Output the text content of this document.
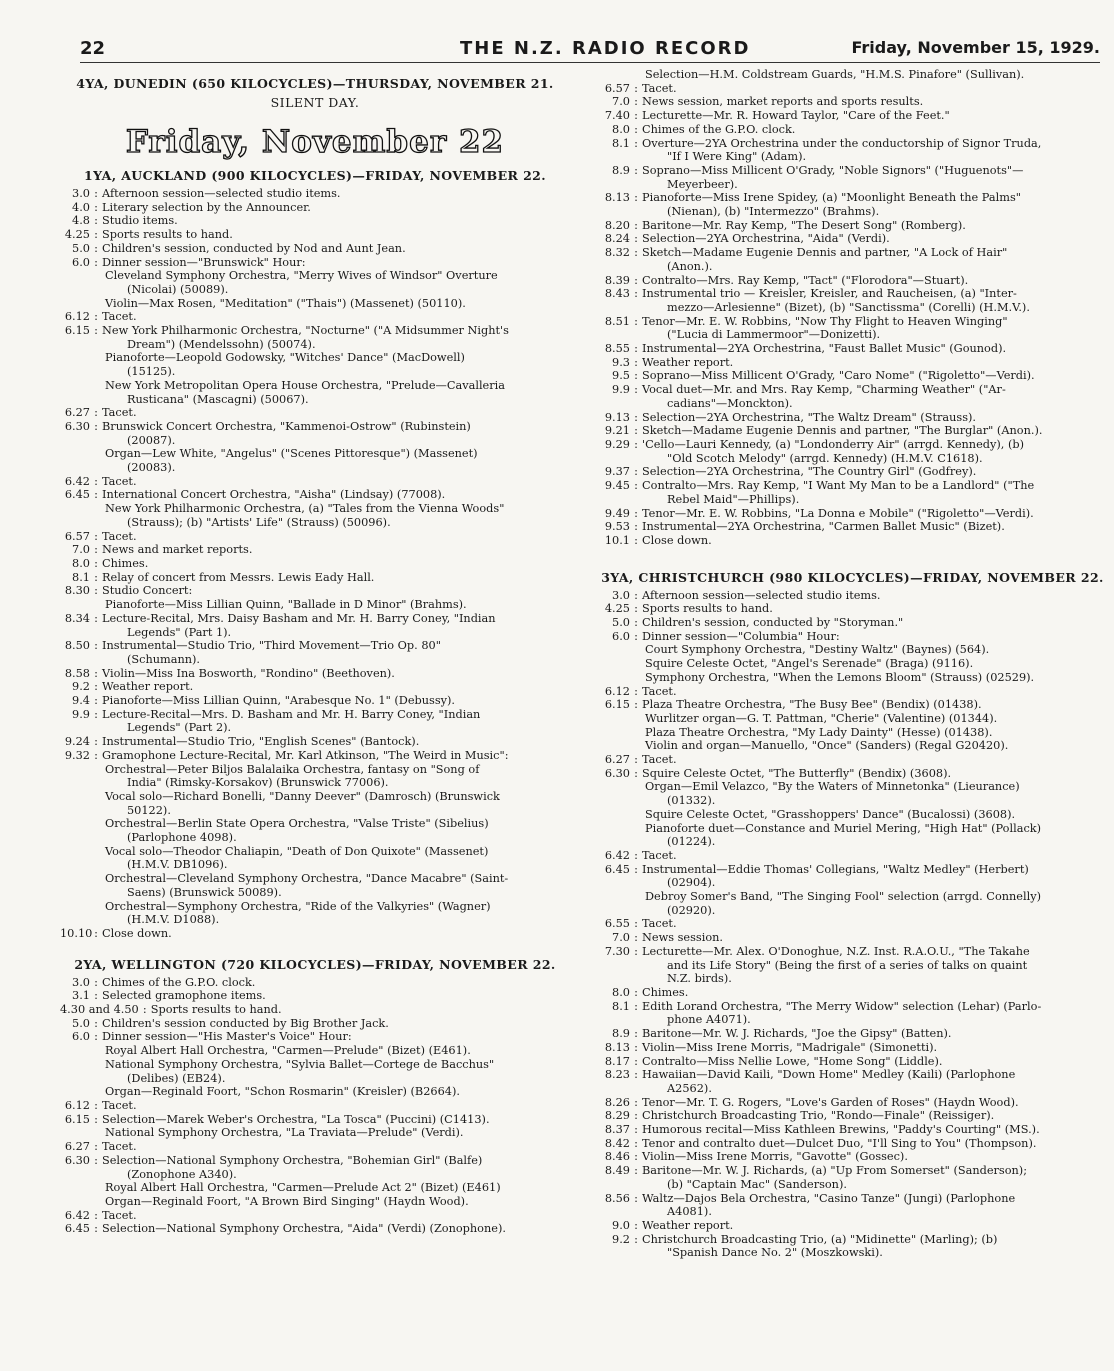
22	THE N.Z. RADIO RECORD	Friday, November 15, 1929.
4YA, DUNEDIN (650 KILOCYCLES)—THURSDAY, NOVEMBER 21.
SILENT DAY.
Friday, November 22
1YA, AUCKLAND (900 KILOCYCLES)—FRIDAY, NOVEMBER 22.
3.0 : Afternoon session—selected studio items.
4.0 : Literary selection by the Announcer.
4.8 : Studio items.
4.25 : Sports results to hand.
5.0 : Children's session, conducted by Nod and Aunt Jean.
6.0 : Dinner session—"Brunswick" Hour:
Cleveland Symphony Orchestra, "Merry Wives of Windsor" Overture
(Nicolai) (50089).
Violin—Max Rosen, "Meditation" ("Thais") (Massenet) (50110).
6.12 : Tacet.
6.15 : New York Philharmonic Orchestra, "Nocturne" ("A Midsummer Night's
Dream") (Mendelssohn) (50074).
Pianoforte—Leopold Godowsky, "Witches' Dance" (MacDowell)
(15125).
New York Metropolitan Opera House Orchestra, "Prelude—Cavalleria
Rusticana" (Mascagni) (50067).
6.27 : Tacet.
6.30 : Brunswick Concert Orchestra, "Kammenoi-Ostrow" (Rubinstein)
(20087).
Organ—Lew White, "Angelus" ("Scenes Pittoresque") (Massenet)
(20083).
6.42 : Tacet.
6.45 : International Concert Orchestra, "Aisha" (Lindsay) (77008).
New York Philharmonic Orchestra, (a) "Tales from the Vienna Woods"
(Strauss); (b) "Artists' Life" (Strauss) (50096).
6.57 : Tacet.
7.0 : News and market reports.
8.0 : Chimes.
8.1 : Relay of concert from Messrs. Lewis Eady Hall.
8.30 : Studio Concert:
Pianoforte—Miss Lillian Quinn, "Ballade in D Minor" (Brahms).
8.34 : Lecture-Recital, Mrs. Daisy Basham and Mr. H. Barry Coney, "Indian
Legends" (Part 1).
8.50 : Instrumental—Studio Trio, "Third Movement—Trio Op. 80"
(Schumann).
8.58 : Violin—Miss Ina Bosworth, "Rondino" (Beethoven).
9.2 : Weather report.
9.4 : Pianoforte—Miss Lillian Quinn, "Arabesque No. 1" (Debussy).
9.9 : Lecture-Recital—Mrs. D. Basham and Mr. H. Barry Coney, "Indian
Legends" (Part 2).
9.24 : Instrumental—Studio Trio, "English Scenes" (Bantock).
9.32 : Gramophone Lecture-Recital, Mr. Karl Atkinson, "The Weird in Music":
Orchestral—Peter Biljos Balalaika Orchestra, fantasy on "Song of
India" (Rimsky-Korsakov) (Brunswick 77006).
Vocal solo—Richard Bonelli, "Danny Deever" (Damrosch) (Brunswick
50122).
Orchestral—Berlin State Opera Orchestra, "Valse Triste" (Sibelius)
(Parlophone 4098).
Vocal solo—Theodor Chaliapin, "Death of Don Quixote" (Massenet)
(H.M.V. DB1096).
Orchestral—Cleveland Symphony Orchestra, "Dance Macabre" (Saint-
Saens) (Brunswick 50089).
Orchestral—Symphony Orchestra, "Ride of the Valkyries" (Wagner)
(H.M.V. D1088).
10.10 : Close down.
2YA, WELLINGTON (720 KILOCYCLES)—FRIDAY, NOVEMBER 22.
3.0 : Chimes of the G.P.O. clock.
3.1 : Selected gramophone items.
4.30 and 4.50 : Sports results to hand.
5.0 : Children's session conducted by Big Brother Jack.
6.0 : Dinner session—"His Master's Voice" Hour:
Royal Albert Hall Orchestra, "Carmen—Prelude" (Bizet) (E461).
National Symphony Orchestra, "Sylvia Ballet—Cortege de Bacchus"
(Delibes) (EB24).
Organ—Reginald Foort, "Schon Rosmarin" (Kreisler) (B2664).
6.12 : Tacet.
6.15 : Selection—Marek Weber's Orchestra, "La Tosca" (Puccini) (C1413).
National Symphony Orchestra, "La Traviata—Prelude" (Verdi).
6.27 : Tacet.
6.30 : Selection—National Symphony Orchestra, "Bohemian Girl" (Balfe)
(Zonophone A340).
Royal Albert Hall Orchestra, "Carmen—Prelude Act 2" (Bizet) (E461)
Organ—Reginald Foort, "A Brown Bird Singing" (Haydn Wood).
6.42 : Tacet.
6.45 : Selection—National Symphony Orchestra, "Aida" (Verdi) (Zonophone).
Selection—H.M. Coldstream Guards, "H.M.S. Pinafore" (Sullivan).
6.57 : Tacet.
7.0 : News session, market reports and sports results.
7.40 : Lecturette—Mr. R. Howard Taylor, "Care of the Feet."
8.0 : Chimes of the G.P.O. clock.
8.1 : Overture—2YA Orchestrina under the conductorship of Signor Truda,
"If I Were King" (Adam).
8.9 : Soprano—Miss Millicent O'Grady, "Noble Signors" ("Huguenots"—
Meyerbeer).
8.13 : Pianoforte—Miss Irene Spidey, (a) "Moonlight Beneath the Palms"
(Nienan), (b) "Intermezzo" (Brahms).
8.20 : Baritone—Mr. Ray Kemp, "The Desert Song" (Romberg).
8.24 : Selection—2YA Orchestrina, "Aida" (Verdi).
8.32 : Sketch—Madame Eugenie Dennis and partner, "A Lock of Hair"
(Anon.).
8.39 : Contralto—Mrs. Ray Kemp, "Tact" ("Florodora"—Stuart).
8.43 : Instrumental trio — Kreisler, Kreisler, and Raucheisen, (a) "Inter-
mezzo—Arlesienne" (Bizet), (b) "Sanctissma" (Corelli) (H.M.V.).
8.51 : Tenor—Mr. E. W. Robbins, "Now Thy Flight to Heaven Winging"
("Lucia di Lammermoor"—Donizetti).
8.55 : Instrumental—2YA Orchestrina, "Faust Ballet Music" (Gounod).
9.3 : Weather report.
9.5 : Soprano—Miss Millicent O'Grady, "Caro Nome" ("Rigoletto"—Verdi).
9.9 : Vocal duet—Mr. and Mrs. Ray Kemp, "Charming Weather" ("Ar-
cadians"—Monckton).
9.13 : Selection—2YA Orchestrina, "The Waltz Dream" (Strauss).
9.21 : Sketch—Madame Eugenie Dennis and partner, "The Burglar" (Anon.).
9.29 : 'Cello—Lauri Kennedy, (a) "Londonderry Air" (arrgd. Kennedy), (b)
"Old Scotch Melody" (arrgd. Kennedy) (H.M.V. C1618).
9.37 : Selection—2YA Orchestrina, "The Country Girl" (Godfrey).
9.45 : Contralto—Mrs. Ray Kemp, "I Want My Man to be a Landlord" ("The
Rebel Maid"—Phillips).
9.49 : Tenor—Mr. E. W. Robbins, "La Donna e Mobile" ("Rigoletto"—Verdi).
9.53 : Instrumental—2YA Orchestrina, "Carmen Ballet Music" (Bizet).
10.1 : Close down.
3YA, CHRISTCHURCH (980 KILOCYCLES)—FRIDAY, NOVEMBER 22.
3.0 : Afternoon session—selected studio items.
4.25 : Sports results to hand.
5.0 : Children's session, conducted by "Storyman."
6.0 : Dinner session—"Columbia" Hour:
Court Symphony Orchestra, "Destiny Waltz" (Baynes) (564).
Squire Celeste Octet, "Angel's Serenade" (Braga) (9116).
Symphony Orchestra, "When the Lemons Bloom" (Strauss) (02529).
6.12 : Tacet.
6.15 : Plaza Theatre Orchestra, "The Busy Bee" (Bendix) (01438).
Wurlitzer organ—G. T. Pattman, "Cherie" (Valentine) (01344).
Plaza Theatre Orchestra, "My Lady Dainty" (Hesse) (01438).
Violin and organ—Manuello, "Once" (Sanders) (Regal G20420).
6.27 : Tacet.
6.30 : Squire Celeste Octet, "The Butterfly" (Bendix) (3608).
Organ—Emil Velazco, "By the Waters of Minnetonka" (Lieurance)
(01332).
Squire Celeste Octet, "Grasshoppers' Dance" (Bucalossi) (3608).
Pianoforte duet—Constance and Muriel Mering, "High Hat" (Pollack)
(01224).
6.42 : Tacet.
6.45 : Instrumental—Eddie Thomas' Collegians, "Waltz Medley" (Herbert)
(02904).
Debroy Somer's Band, "The Singing Fool" selection (arrgd. Connelly)
(02920).
6.55 : Tacet.
7.0 : News session.
7.30 : Lecturette—Mr. Alex. O'Donoghue, N.Z. Inst. R.A.O.U., "The Takahe
and its Life Story" (Being the first of a series of talks on quaint
N.Z. birds).
8.0 : Chimes.
8.1 : Edith Lorand Orchestra, "The Merry Widow" selection (Lehar) (Parlo-
phone A4071).
8.9 : Baritone—Mr. W. J. Richards, "Joe the Gipsy" (Batten).
8.13 : Violin—Miss Irene Morris, "Madrigale" (Simonetti).
8.17 : Contralto—Miss Nellie Lowe, "Home Song" (Liddle).
8.23 : Hawaiian—David Kaili, "Down Home" Medley (Kaili) (Parlophone
A2562).
8.26 : Tenor—Mr. T. G. Rogers, "Love's Garden of Roses" (Haydn Wood).
8.29 : Christchurch Broadcasting Trio, "Rondo—Finale" (Reissiger).
8.37 : Humorous recital—Miss Kathleen Brewins, "Paddy's Courting" (MS.).
8.42 : Tenor and contralto duet—Dulcet Duo, "I'll Sing to You" (Thompson).
8.46 : Violin—Miss Irene Morris, "Gavotte" (Gossec).
8.49 : Baritone—Mr. W. J. Richards, (a) "Up From Somerset" (Sanderson);
(b) "Captain Mac" (Sanderson).
8.56 : Waltz—Dajos Bela Orchestra, "Casino Tanze" (Jungi) (Parlophone
A4081).
9.0 : Weather report.
9.2 : Christchurch Broadcasting Trio, (a) "Midinette" (Marling); (b)
"Spanish Dance No. 2" (Moszkowski).
